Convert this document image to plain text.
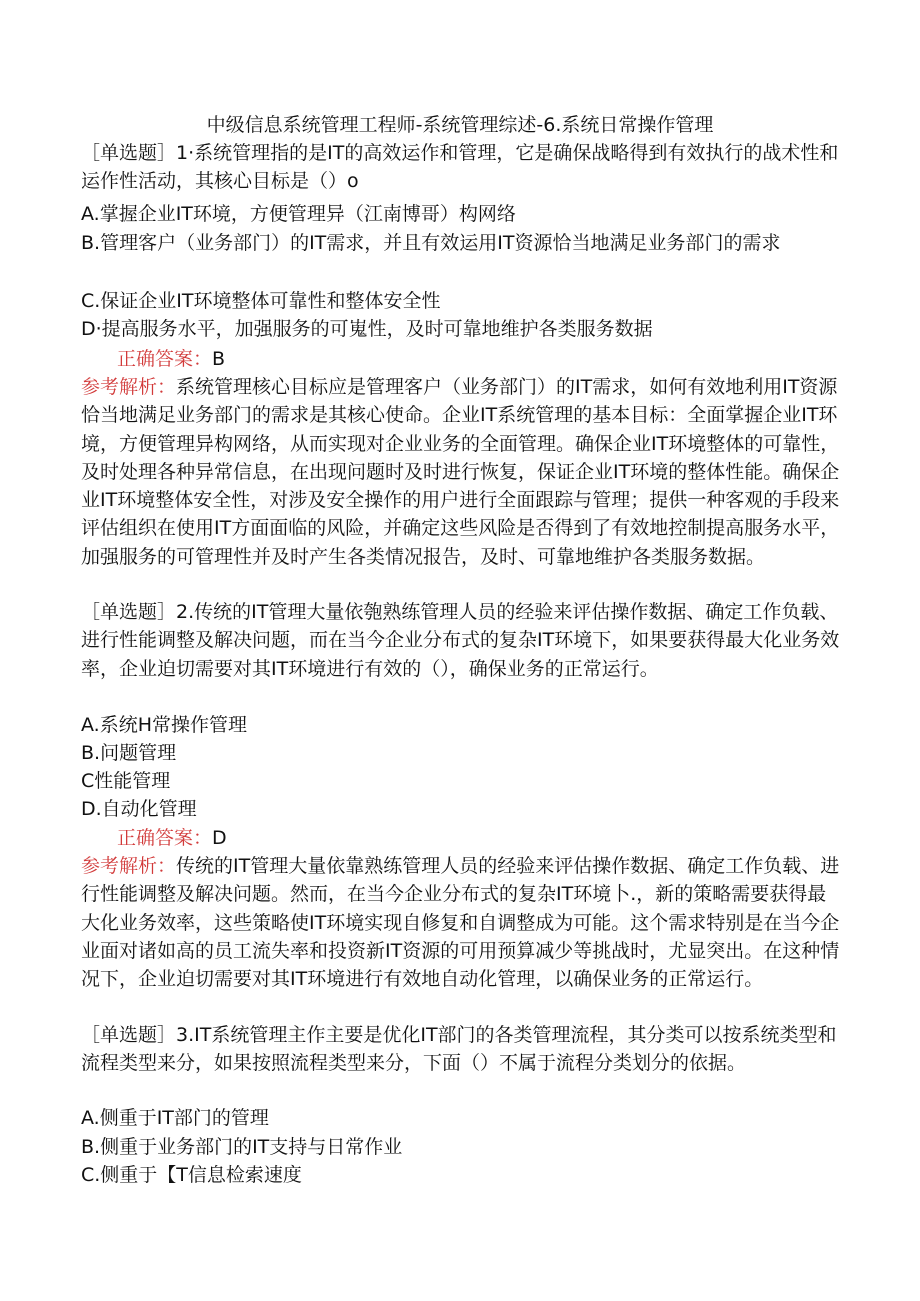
中级信息系统管理工程师-系统管理综述-6.系统日常操作管理

［单选题］1·系统管理指的是IT的高效运作和管理，它是确保战略得到有效执行的战术性和运作性活动，其核心目标是（）o

A.掌握企业IT环境，方便管理异（江南博哥）构网络

B.管理客户（业务部门）的IT需求，并且有效运用IT资源恰当地满足业务部门的需求

C.保证企业IT环境整体可靠性和整体安全性

D·提高服务水平，加强服务的可嵬性，及时可靠地维护各类服务数据

正确答案：B

参考解析：系统管理核心目标应是管理客户（业务部门）的IT需求，如何有效地利用IT资源恰当地满足业务部门的需求是其核心使命。企业IT系统管理的基本目标：全面掌握企业IT环境，方便管理异构网络，从而实现对企业业务的全面管理。确保企业IT环境整体的可靠性，及时处理各种异常信息，在出现问题时及时进行恢复，保证企业IT环境的整体性能。确保企业IT环境整体安全性，对涉及安全操作的用户进行全面跟踪与管理；提供一种客观的手段来评估组织在使用IT方面面临的风险，并确定这些风险是否得到了有效地控制提高服务水平，加强服务的可管理性并及时产生各类情况报告，及时、可靠地维护各类服务数据。

［单选题］2.传统的IT管理大量依匏熟练管理人员的经验来评估操作数据、确定工作负载、进行性能调整及解决问题，而在当今企业分布式的复杂IT环境下，如果要获得最大化业务效率，企业迫切需要对其IT环境进行有效的（），确保业务的正常运行。

A.系统H常操作管理

B.问题管理

C性能管理

D.自动化管理

正确答案：D

参考解析：传统的IT管理大量依靠熟练管理人员的经验来评估操作数据、确定工作负载、进行性能调整及解决问题。然而，在当今企业分布式的复杂IT环境卜.，新的策略需要获得最大化业务效率，这些策略使IT环境实现自修复和自调整成为可能。这个需求特别是在当今企业面对诸如高的员工流失率和投资新IT资源的可用预算减少等挑战时，尤显突出。在这种情况下，企业迫切需要对其IT环境进行有效地自动化管理，以确保业务的正常运行。

［单选题］3.IT系统管理主作主要是优化IT部门的各类管理流程，其分类可以按系统类型和流程类型来分，如果按照流程类型来分，下面（）不属于流程分类划分的依据。

A.侧重于IT部门的管理

B.侧重于业务部门的IT支持与日常作业

C.侧重于【T信息检索速度
